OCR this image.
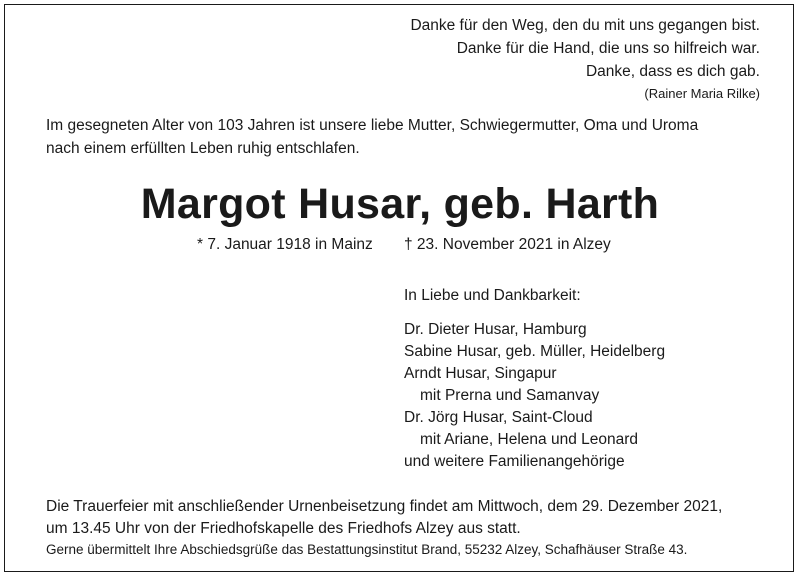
Danke für den Weg, den du mit uns gegangen bist.
Danke für die Hand, die uns so hilfreich war.
Danke, dass es dich gab.
(Rainer Maria Rilke)
Im gesegneten Alter von 103 Jahren ist unsere liebe Mutter, Schwiegermutter, Oma und Uroma
nach einem erfüllten Leben ruhig entschlafen.
Margot Husar, geb. Harth
* 7. Januar 1918 in Mainz † 23. November 2021 in Alzey
In Liebe und Dankbarkeit:
Dr. Dieter Husar, Hamburg
Sabine Husar, geb. Müller, Heidelberg
Arndt Husar, Singapur
mit Prerna und Samanvay
Dr. Jörg Husar, Saint-Cloud
mit Ariane, Helena und Leonard
und weitere Familienangehörige
Die Trauerfeier mit anschließender Urnenbeisetzung findet am Mittwoch, dem 29. Dezember 2021,
um 13.45 Uhr von der Friedhofskapelle des Friedhofs Alzey aus statt.
Gerne übermittelt Ihre Abschiedsgrüße das Bestattungsinstitut Brand, 55232 Alzey, Schafhäuser Straße 43.
